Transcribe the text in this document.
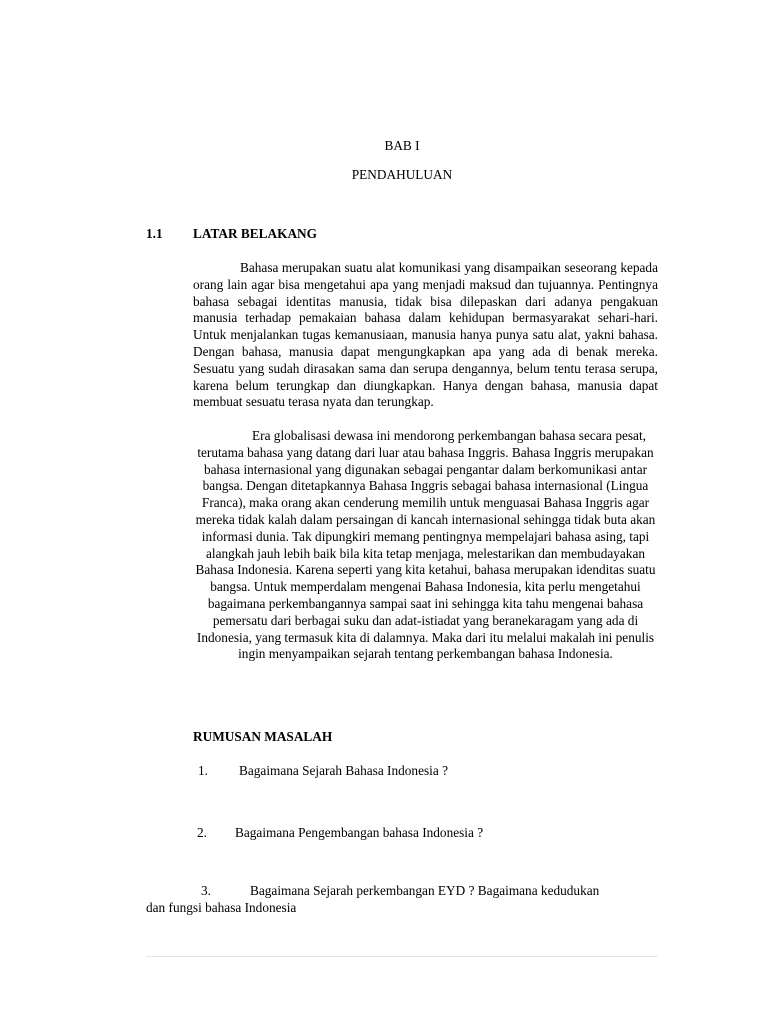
BAB I
PENDAHULUAN
1.1 LATAR BELAKANG
Bahasa merupakan suatu alat komunikasi yang disampaikan seseorang kepada orang lain agar bisa mengetahui apa yang menjadi maksud dan tujuannya. Pentingnya bahasa sebagai identitas manusia, tidak bisa dilepaskan dari adanya pengakuan manusia terhadap pemakaian bahasa dalam kehidupan bermasyarakat sehari-hari. Untuk menjalankan tugas kemanusiaan, manusia hanya punya satu alat, yakni bahasa. Dengan bahasa, manusia dapat mengungkapkan apa yang ada di benak mereka. Sesuatu yang sudah dirasakan sama dan serupa dengannya, belum tentu terasa serupa, karena belum terungkap dan diungkapkan. Hanya dengan bahasa, manusia dapat membuat sesuatu terasa nyata dan terungkap.
Era globalisasi dewasa ini mendorong perkembangan bahasa secara pesat, terutama bahasa yang datang dari luar atau bahasa Inggris. Bahasa Inggris merupakan bahasa internasional yang digunakan sebagai pengantar dalam berkomunikasi antar bangsa. Dengan ditetapkannya Bahasa Inggris sebagai bahasa internasional (Lingua Franca), maka orang akan cenderung memilih untuk menguasai Bahasa Inggris agar mereka tidak kalah dalam persaingan di kancah internasional sehingga tidak buta akan informasi dunia. Tak dipungkiri memang pentingnya mempelajari bahasa asing, tapi alangkah jauh lebih baik bila kita tetap menjaga, melestarikan dan membudayakan Bahasa Indonesia. Karena seperti yang kita ketahui, bahasa merupakan idenditas suatu bangsa. Untuk memperdalam mengenai Bahasa Indonesia, kita perlu mengetahui bagaimana perkembangannya sampai saat ini sehingga kita tahu mengenai bahasa pemersatu dari berbagai suku dan adat-istiadat yang beranekaragam yang ada di Indonesia, yang termasuk kita di dalamnya. Maka dari itu melalui makalah ini penulis ingin menyampaikan sejarah tentang perkembangan bahasa Indonesia.
RUMUSAN MASALAH
1. Bagaimana Sejarah Bahasa Indonesia ?
2. Bagaimana Pengembangan bahasa Indonesia ?
3.	Bagaimana Sejarah perkembangan EYD ? Bagaimana kedudukan
dan fungsi bahasa Indonesia
